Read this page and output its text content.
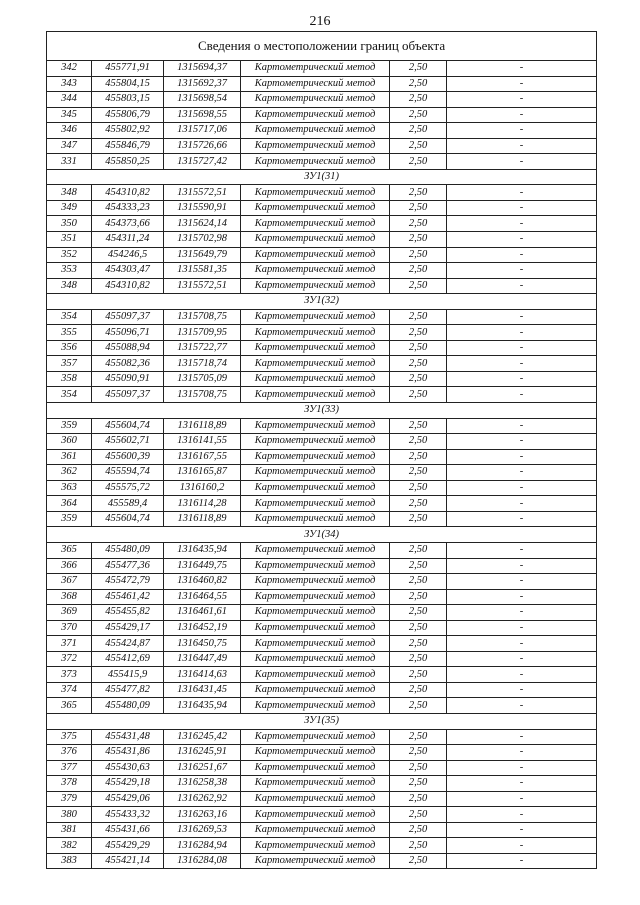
216
Сведения о местоположении границ объекта					
342	455771,91	1315694,37	Картометрический метод	2,50	-
343	455804,15	1315692,37	Картометрический метод	2,50	-
344	455803,15	1315698,54	Картометрический метод	2,50	-
345	455806,79	1315698,55	Картометрический метод	2,50	-
346	455802,92	1315717,06	Картометрический метод	2,50	-
347	455846,79	1315726,66	Картометрический метод	2,50	-
331	455850,25	1315727,42	Картометрический метод	2,50	-
ЗУ1(31)					
348	454310,82	1315572,51	Картометрический метод	2,50	-
349	454333,23	1315590,91	Картометрический метод	2,50	-
350	454373,66	1315624,14	Картометрический метод	2,50	-
351	454311,24	1315702,98	Картометрический метод	2,50	-
352	454246,5	1315649,79	Картометрический метод	2,50	-
353	454303,47	1315581,35	Картометрический метод	2,50	-
348	454310,82	1315572,51	Картометрический метод	2,50	-
ЗУ1(32)					
354	455097,37	1315708,75	Картометрический метод	2,50	-
355	455096,71	1315709,95	Картометрический метод	2,50	-
356	455088,94	1315722,77	Картометрический метод	2,50	-
357	455082,36	1315718,74	Картометрический метод	2,50	-
358	455090,91	1315705,09	Картометрический метод	2,50	-
354	455097,37	1315708,75	Картометрический метод	2,50	-
ЗУ1(33)					
359	455604,74	1316118,89	Картометрический метод	2,50	-
360	455602,71	1316141,55	Картометрический метод	2,50	-
361	455600,39	1316167,55	Картометрический метод	2,50	-
362	455594,74	1316165,87	Картометрический метод	2,50	-
363	455575,72	1316160,2	Картометрический метод	2,50	-
364	455589,4	1316114,28	Картометрический метод	2,50	-
359	455604,74	1316118,89	Картометрический метод	2,50	-
ЗУ1(34)					
365	455480,09	1316435,94	Картометрический метод	2,50	-
366	455477,36	1316449,75	Картометрический метод	2,50	-
367	455472,79	1316460,82	Картометрический метод	2,50	-
368	455461,42	1316464,55	Картометрический метод	2,50	-
369	455455,82	1316461,61	Картометрический метод	2,50	-
370	455429,17	1316452,19	Картометрический метод	2,50	-
371	455424,87	1316450,75	Картометрический метод	2,50	-
372	455412,69	1316447,49	Картометрический метод	2,50	-
373	455415,9	1316414,63	Картометрический метод	2,50	-
374	455477,82	1316431,45	Картометрический метод	2,50	-
365	455480,09	1316435,94	Картометрический метод	2,50	-
ЗУ1(35)					
375	455431,48	1316245,42	Картометрический метод	2,50	-
376	455431,86	1316245,91	Картометрический метод	2,50	-
377	455430,63	1316251,67	Картометрический метод	2,50	-
378	455429,18	1316258,38	Картометрический метод	2,50	-
379	455429,06	1316262,92	Картометрический метод	2,50	-
380	455433,32	1316263,16	Картометрический метод	2,50	-
381	455431,66	1316269,53	Картометрический метод	2,50	-
382	455429,29	1316284,94	Картометрический метод	2,50	-
383	455421,14	1316284,08	Картометрический метод	2,50	-
